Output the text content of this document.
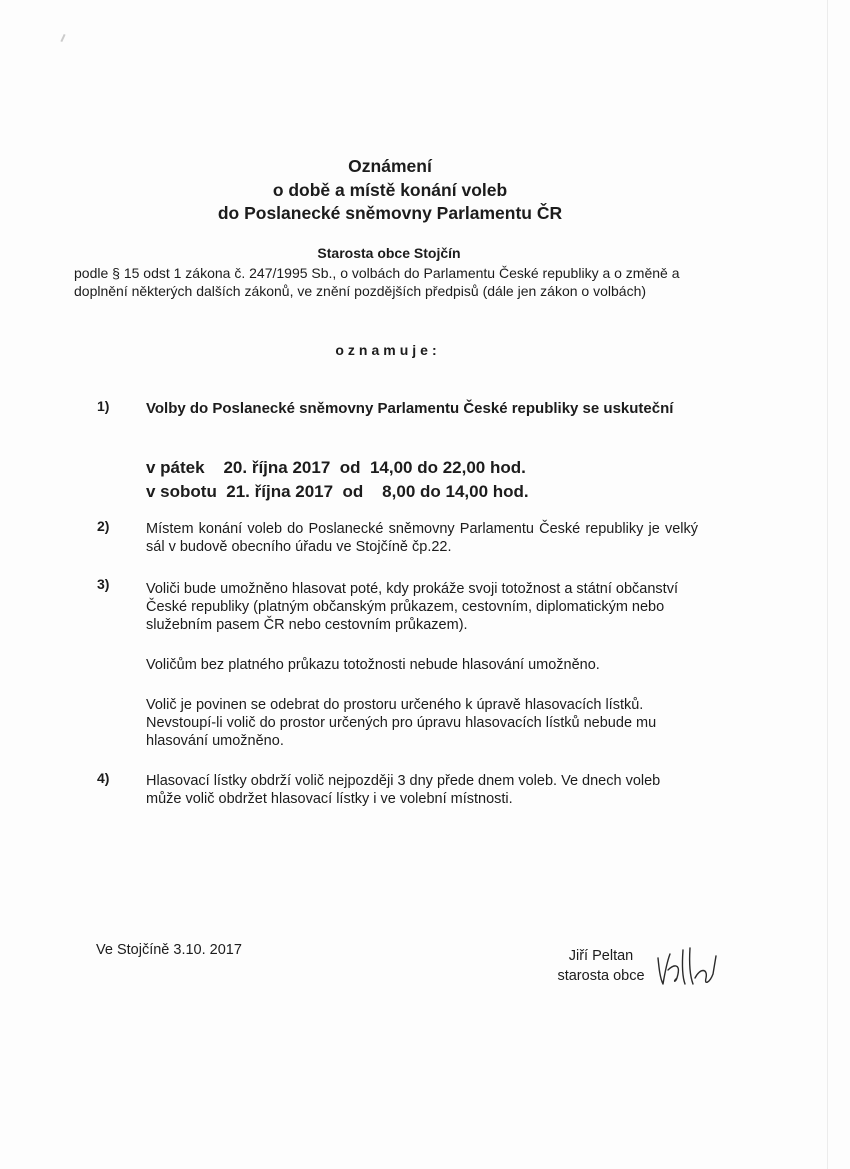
Oznámení
o době a místě konání voleb
do Poslanecké sněmovny Parlamentu ČR
Starosta obce Stojčín
podle § 15 odst 1 zákona č. 247/1995 Sb., o volbách do Parlamentu České republiky a o změně a doplnění některých dalších zákonů, ve znění pozdějších předpisů (dále jen zákon o volbách)
oznamuje:
1) Volby do Poslanecké sněmovny Parlamentu České republiky se uskuteční
v pátek    20. října 2017  od  14,00 do 22,00 hod.
v sobotu  21. října 2017  od    8,00 do 14,00 hod.
2)	Místem konání voleb do Poslanecké sněmovny Parlamentu České republiky je velký sál v budově obecního úřadu ve Stojčíně čp.22.
3)	Voliči bude umožněno hlasovat poté, kdy prokáže svoji totožnost a státní občanství České republiky (platným občanským průkazem, cestovním, diplomatickým nebo služebním pasem ČR nebo cestovním průkazem).
Voličům bez platného průkazu totožnosti nebude hlasování umožněno.
Volič je povinen se odebrat do prostoru určeného k úpravě hlasovacích lístků. Nevstoupí-li volič do prostor určených pro úpravu hlasovacích lístků nebude mu hlasování umožněno.
4)	Hlasovací lístky obdrží volič nejpozději 3 dny přede dnem voleb. Ve dnech voleb může volič obdržet hlasovací lístky i ve volební místnosti.
Ve Stojčíně 3.10. 2017	Jiří Peltan
starosta obce
